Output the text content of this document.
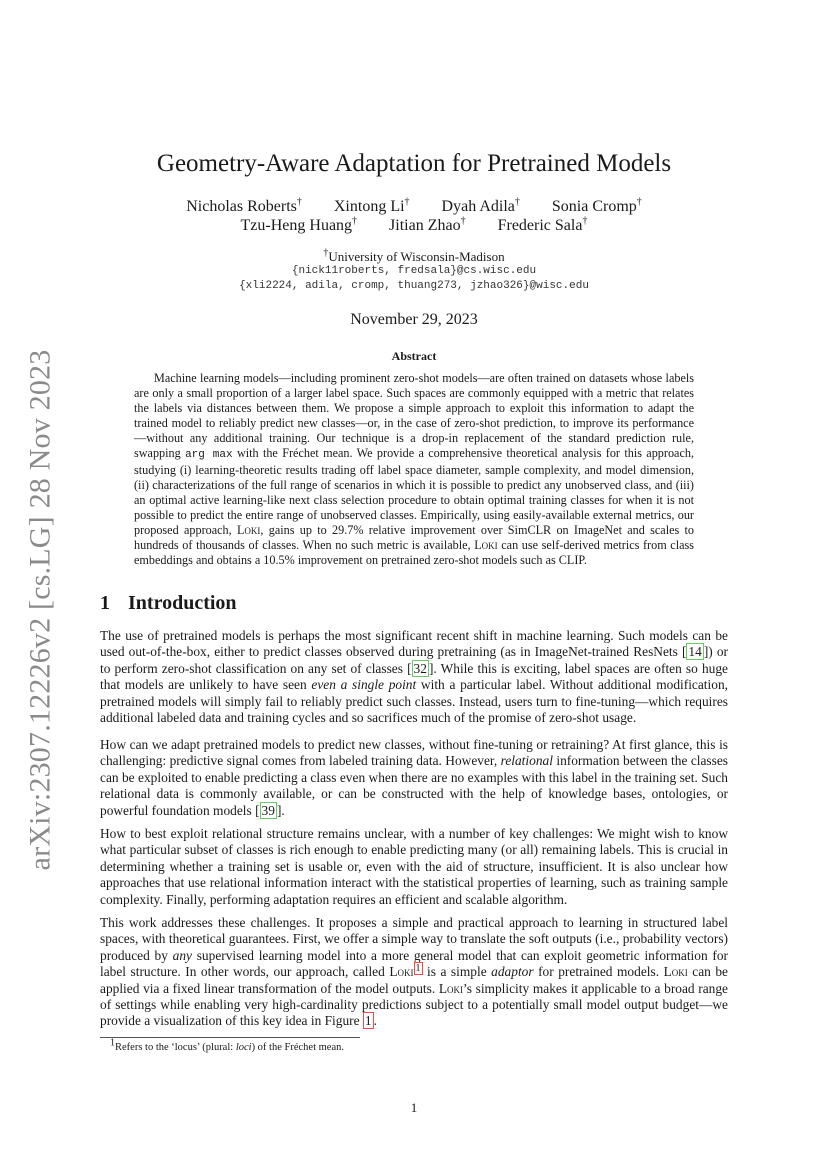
arXiv:2307.12226v2 [cs.LG] 28 Nov 2023
Geometry-Aware Adaptation for Pretrained Models
Nicholas Roberts† Xintong Li† Dyah Adila† Sonia Cromp†
Tzu-Heng Huang† Jitian Zhao† Frederic Sala†
†University of Wisconsin-Madison
{nick11roberts, fredsala}@cs.wisc.edu
{xli2224, adila, cromp, thuang273, jzhao326}@wisc.edu
November 29, 2023
Abstract

Machine learning models—including prominent zero-shot models—are often trained on datasets whose labels are only a small proportion of a larger label space. Such spaces are commonly equipped with a metric that relates the labels via distances between them. We propose a simple approach to exploit this information to adapt the trained model to reliably predict new classes—or, in the case of zero-shot prediction, to improve its performance—without any additional training. Our technique is a drop-in replacement of the standard prediction rule, swapping arg max with the Fréchet mean. We provide a comprehensive theoretical analysis for this approach, studying (i) learning-theoretic results trading off label space diameter, sample complexity, and model dimension, (ii) characterizations of the full range of scenarios in which it is possible to predict any unobserved class, and (iii) an optimal active learning-like next class selection procedure to obtain optimal training classes for when it is not possible to predict the entire range of unobserved classes. Empirically, using easily-available external metrics, our proposed approach, Loki, gains up to 29.7% relative improvement over SimCLR on ImageNet and scales to hundreds of thousands of classes. When no such metric is available, Loki can use self-derived metrics from class embeddings and obtains a 10.5% improvement on pretrained zero-shot models such as CLIP.

1 Introduction

The use of pretrained models is perhaps the most significant recent shift in machine learning. Such models can be used out-of-the-box, either to predict classes observed during pretraining (as in ImageNet-trained ResNets [ 14 ]) or to perform zero-shot classification on any set of classes [ 32 ]. While this is exciting, label spaces are often so huge that models are unlikely to have seen even a single point with a particular label. Without additional modification, pretrained models will simply fail to reliably predict such classes. Instead, users turn to fine-tuning—which requires additional labeled data and training cycles and so sacrifices much of the promise of zero-shot usage.

How can we adapt pretrained models to predict new classes, without fine-tuning or retraining? At first glance, this is challenging: predictive signal comes from labeled training data. However, relational information between the classes can be exploited to enable predicting a class even when there are no examples with this label in the training set. Such relational data is commonly available, or can be constructed with the help of knowledge bases, ontologies, or powerful foundation models [ 39 ].

How to best exploit relational structure remains unclear, with a number of key challenges: We might wish to know what particular subset of classes is rich enough to enable predicting many (or all) remaining labels. This is crucial in determining whether a training set is usable or, even with the aid of structure, insufficient. It is also unclear how approaches that use relational information interact with the statistical properties of learning, such as training sample complexity. Finally, performing adaptation requires an efficient and scalable algorithm.

This work addresses these challenges. It proposes a simple and practical approach to learning in structured label spaces, with theoretical guarantees. First, we offer a simple way to translate the soft outputs (i.e., probability vectors) produced by any supervised learning model into a more general model that can exploit geometric information for label structure. In other words, our approach, called Loki $^1$ is a simple adaptor for pretrained models. Loki can be applied via a fixed linear transformation of the model outputs. Loki’s simplicity makes it applicable to a broad range of settings while enabling very high-cardinality predictions subject to a potentially small model output budget—we provide a visualization of this key idea in Figure 1 .

$^1$Refers to the ‘locus’ (plural: loci) of the Fréchet mean.
1
